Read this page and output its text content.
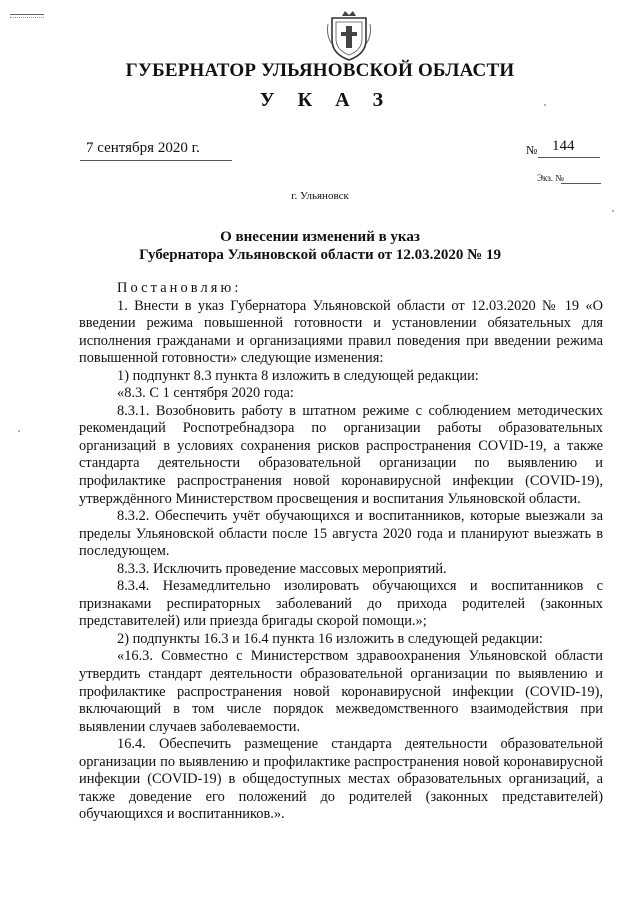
ГУБЕРНАТОР УЛЬЯНОВСКОЙ ОБЛАСТИ
У К А З
7 сентября 2020 г.	№ 144
Экз. №
г. Ульяновск
О внесении изменений в указ
Губернатора Ульяновской области от 12.03.2020 № 19

Постановляю:

1. Внести в указ Губернатора Ульяновской области от 12.03.2020 № 19 «О введении режима повышенной готовности и установлении обязательных для исполнения гражданами и организациями правил поведения при введении режима повышенной готовности» следующие изменения:

1) подпункт 8.3 пункта 8 изложить в следующей редакции:

«8.3. С 1 сентября 2020 года:

8.3.1. Возобновить работу в штатном режиме с соблюдением методических рекомендаций Роспотребнадзора по организации работы образовательных организаций в условиях сохранения рисков распространения COVID-19, а также стандарта деятельности образовательной организации по выявлению и профилактике распространения новой коронавирусной инфекции (COVID-19), утверждённого Министерством просвещения и воспитания Ульяновской области.

8.3.2. Обеспечить учёт обучающихся и воспитанников, которые выезжали за пределы Ульяновской области после 15 августа 2020 года и планируют выезжать в последующем.

8.3.3. Исключить проведение массовых мероприятий.

8.3.4. Незамедлительно изолировать обучающихся и воспитанников с признаками респираторных заболеваний до прихода родителей (законных представителей) или приезда бригады скорой помощи.»;

2) подпункты 16.3 и 16.4 пункта 16 изложить в следующей редакции:

«16.3. Совместно с Министерством здравоохранения Ульяновской области утвердить стандарт деятельности образовательной организации по выявлению и профилактике распространения новой коронавирусной инфекции (COVID-19), включающий в том числе порядок межведомственного взаимодействия при выявлении случаев заболеваемости.

16.4. Обеспечить размещение стандарта деятельности образовательной организации по выявлению и профилактике распространения новой коронавирусной инфекции (COVID-19) в общедоступных местах образовательных организаций, а также доведение его положений до родителей (законных представителей) обучающихся и воспитанников.».
